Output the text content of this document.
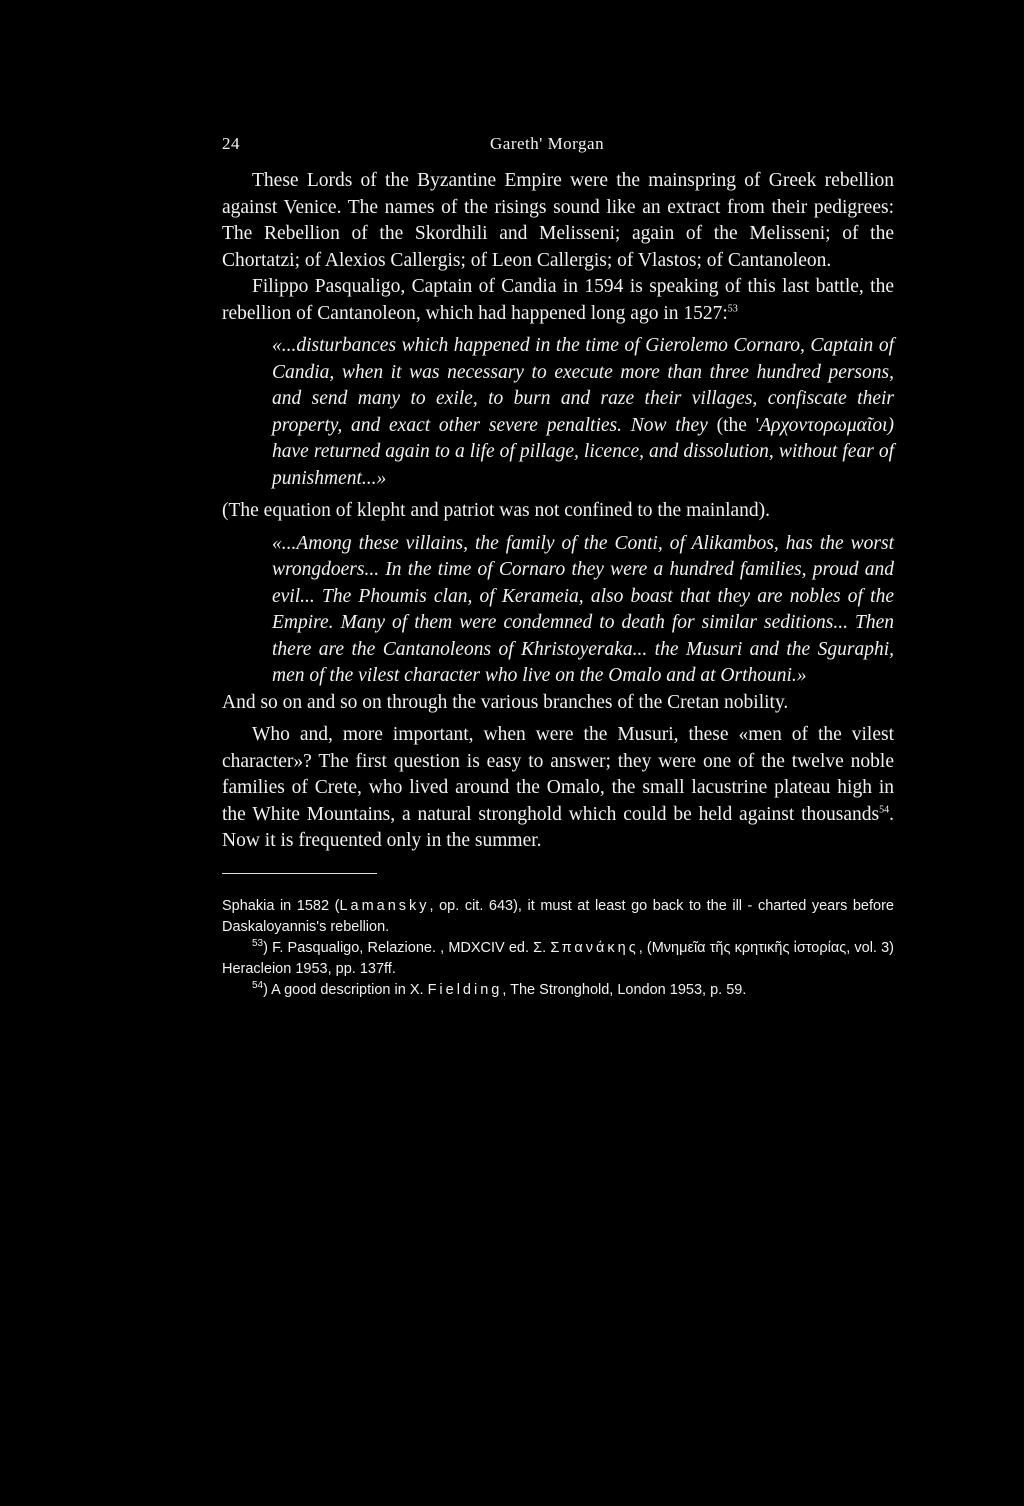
24	Gareth' Morgan

These Lords of the Byzantine Empire were the mainspring of Greek rebellion against Venice. The names of the risings sound like an extract from their pedigrees: The Rebellion of the Skordhili and Melisseni; again of the Melisseni; of the Chortatzi; of Alexios Callergis; of Leon Callergis; of Vlastos; of Cantanoleon.

Filippo Pasqualigo, Captain of Candia in 1594 is speaking of this last battle, the rebellion of Cantanoleon, which had happened long ago in 1527:$^{53}$

«...disturbances which happened in the time of Gierolemo Cornaro, Captain of Candia, when it was necessary to execute more than three hundred persons, and send many to exile, to burn and raze their villages, confiscate their property, and exact other severe penalties. Now they (the 'Αρχοντορωμαῖοι) have returned again to a life of pillage, licence, and dissolution, without fear of punishment...»

(The equation of klepht and patriot was not confined to the mainland).

«...Among these villains, the family of the Conti, of Alikambos, has the worst wrongdoers... In the time of Cornaro they were a hundred families, proud and evil... The Phoumis clan, of Kerameia, also boast that they are nobles of the Empire. Many of them were condemned to death for similar seditions... Then there are the Cantanoleons of Khristoyeraka... the Musuri and the Sguraphi, men of the vilest character who live on the Omalo and at Orthouni.»

And so on and so on through the various branches of the Cretan nobility.

Who and, more important, when were the Musuri, these «men of the vilest character»? The first question is easy to answer; they were one of the twelve noble families of Crete, who lived around the Omalo, the small lacustrine plateau high in the White Mountains, a natural stronghold which could be held against thousands$^{54}$. Now it is frequented only in the summer.

Sphakia in 1582 (Lamansky, op. cit. 643), it must at least go back to the ill - charted years before Daskaloyannis's rebellion.

$^{53}$) F. Pasqualigo, Relazione. , MDXCIV ed. Σ. Σπανάκης, (Μνημεῖα τῆς κρητικῆς ἱστορίας, vol. 3) Heracleion 1953, pp. 137ff.

$^{54}$) A good description in X. Fielding, The Stronghold, London 1953, p. 59.
